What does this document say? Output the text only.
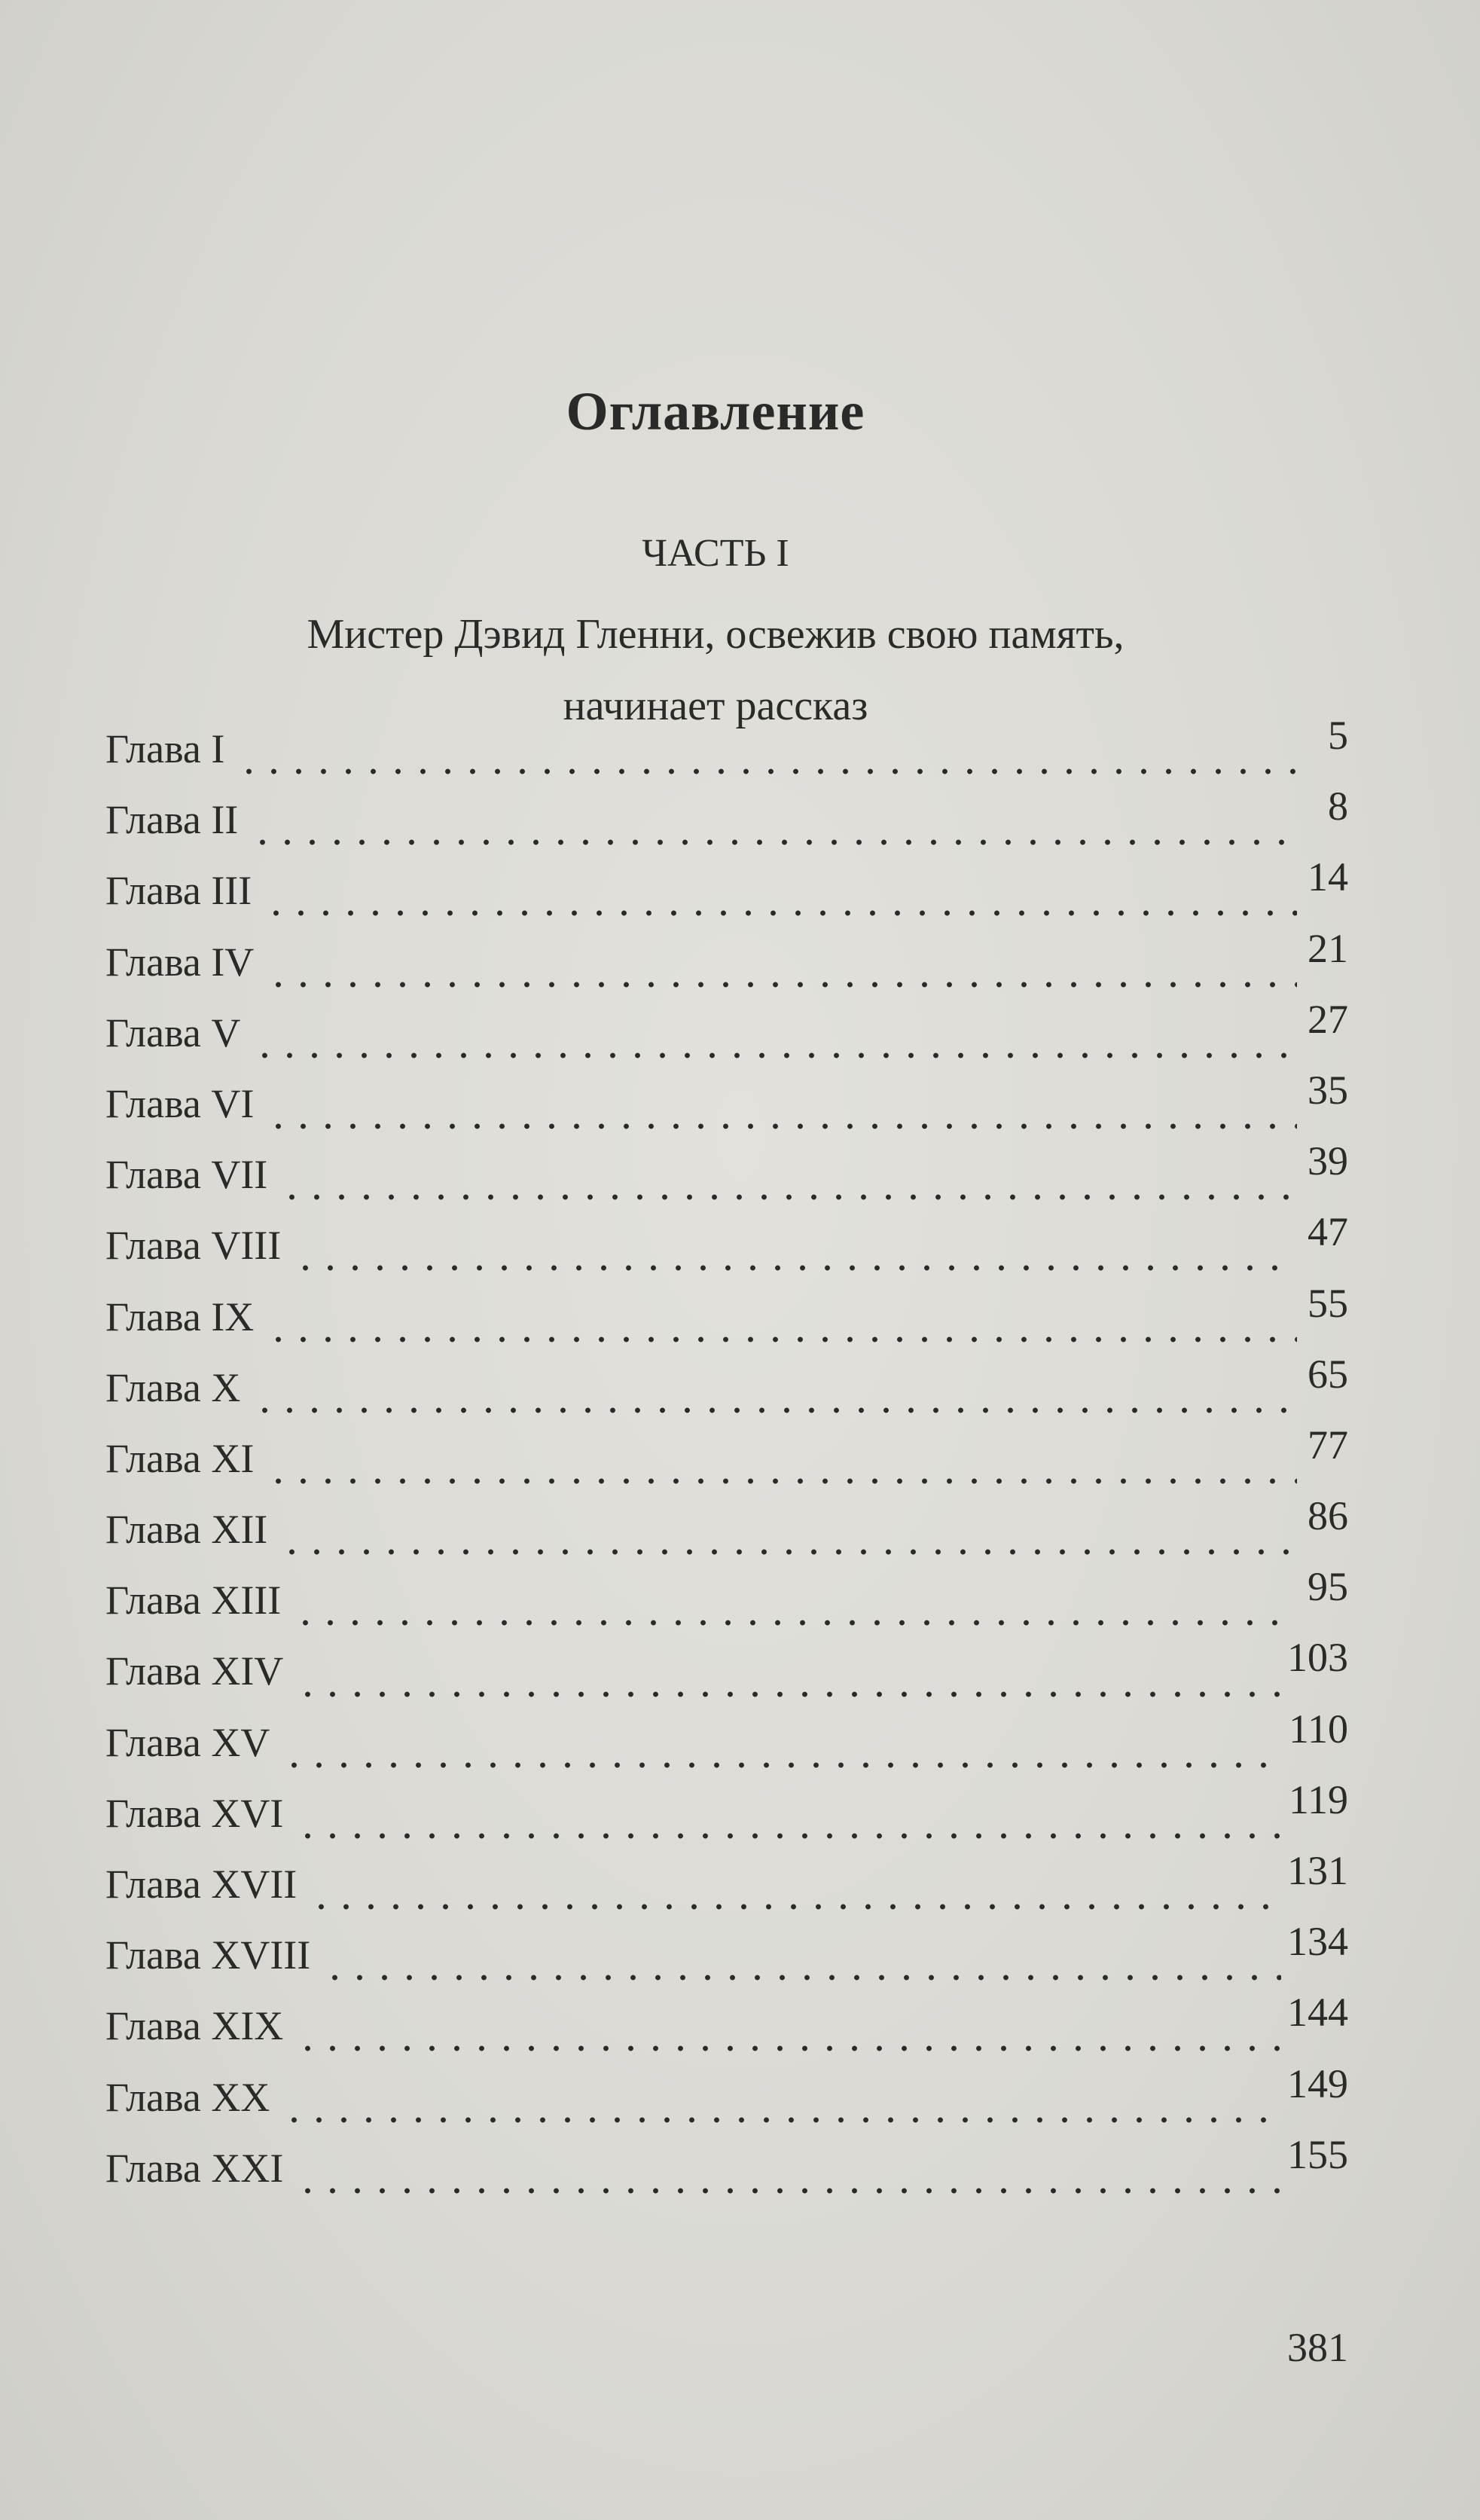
Оглавление
ЧАСТЬ I
Мистер Дэвид Гленни, освежив свою память,
начинает рассказ
Глава I	5
Глава II	8
Глава III	14
Глава IV	21
Глава V	27
Глава VI	35
Глава VII	39
Глава VIII	47
Глава IX	55
Глава X	65
Глава XI	77
Глава XII	86
Глава XIII	95
Глава XIV	103
Глава XV	110
Глава XVI	119
Глава XVII	131
Глава XVIII	134
Глава XIX	144
Глава XX	149
Глава XXI	155
381
